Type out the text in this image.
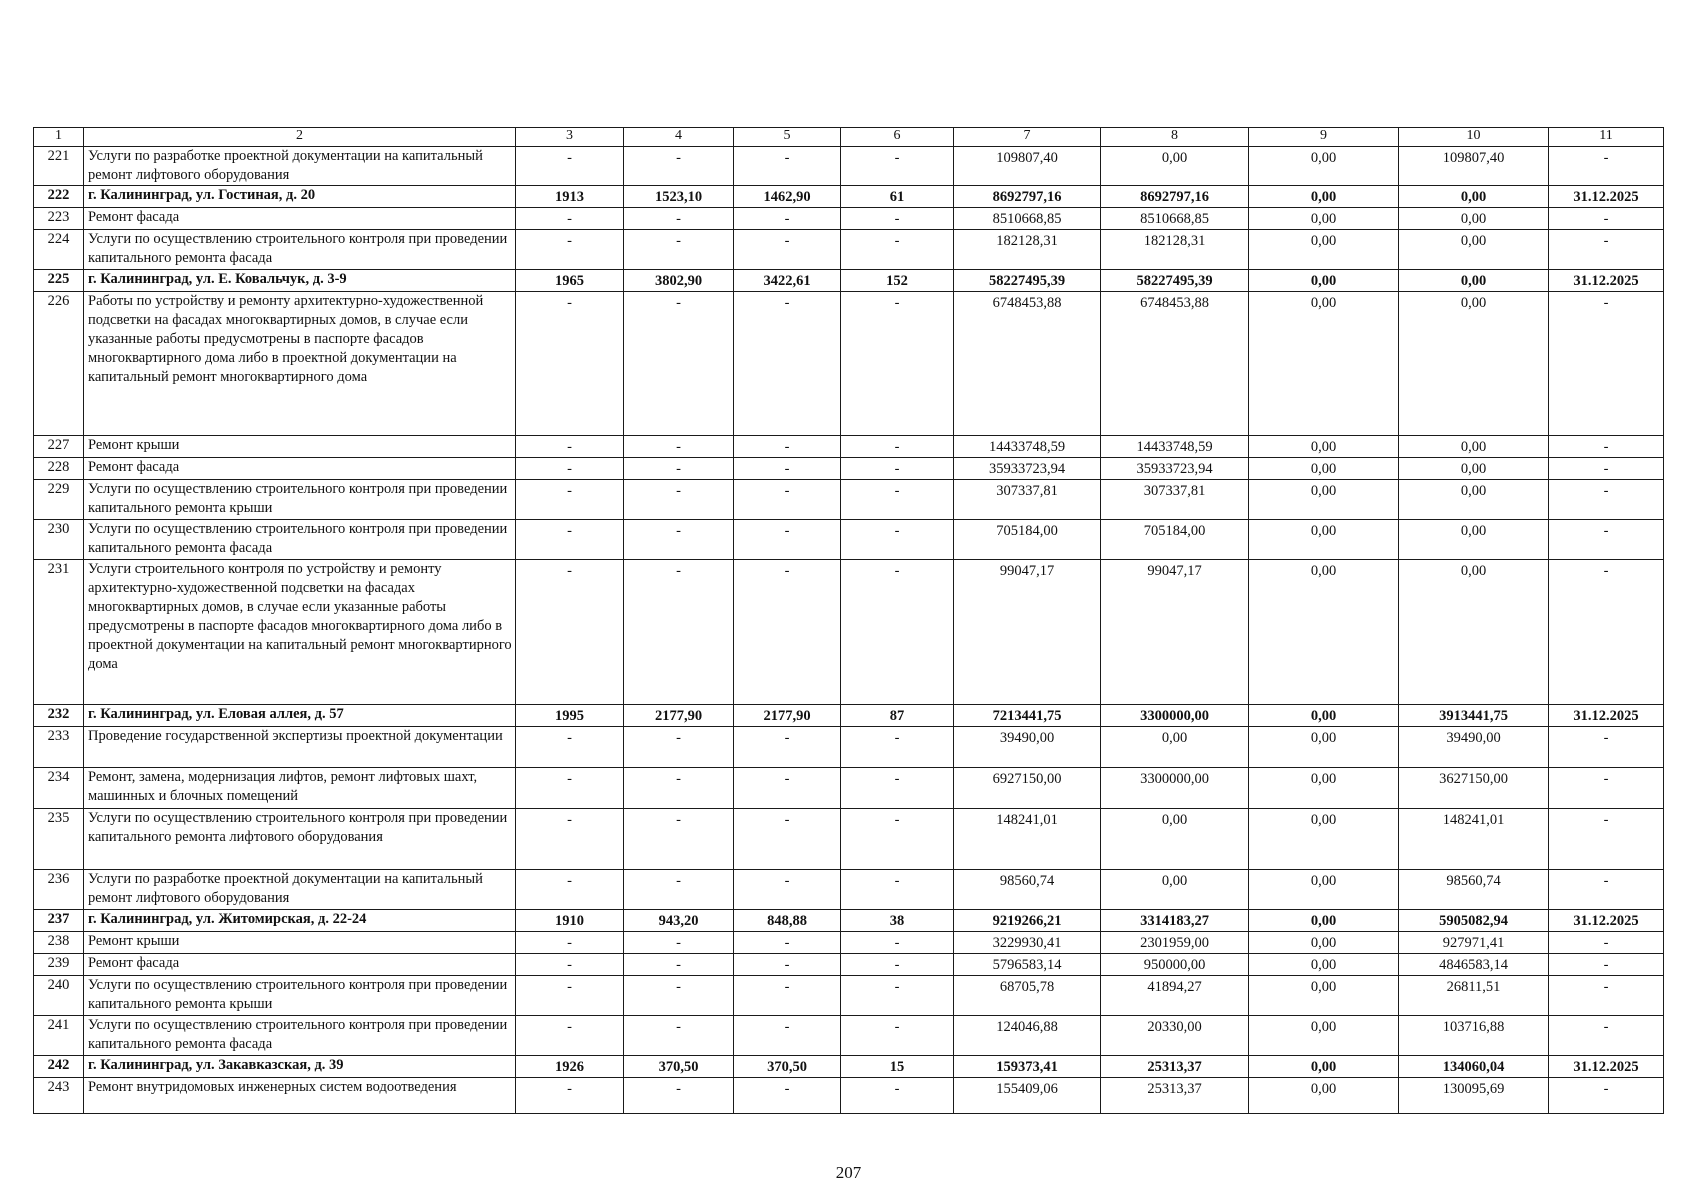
1	2	3	4	5	6	7	8	9	10	11
221	Услуги по разработке проектной документации на капитальный ремонт лифтового оборудования	-	-	-	-	109807,40	0,00	0,00	109807,40	-
222	г. Калининград, ул. Гостиная, д. 20	1913	1523,10	1462,90	61	8692797,16	8692797,16	0,00	0,00	31.12.2025
223	Ремонт фасада	-	-	-	-	8510668,85	8510668,85	0,00	0,00	-
224	Услуги по осуществлению строительного контроля при проведении капитального ремонта фасада	-	-	-	-	182128,31	182128,31	0,00	0,00	-
225	г. Калининград, ул. Е. Ковальчук, д. 3-9	1965	3802,90	3422,61	152	58227495,39	58227495,39	0,00	0,00	31.12.2025
226	Работы по устройству и ремонту архитектурно-художественной подсветки на фасадах многоквартирных домов, в случае если указанные работы предусмотрены в паспорте фасадов многоквартирного дома либо в проектной документации на капитальный ремонт многоквартирного дома	-	-	-	-	6748453,88	6748453,88	0,00	0,00	-
227	Ремонт крыши	-	-	-	-	14433748,59	14433748,59	0,00	0,00	-
228	Ремонт фасада	-	-	-	-	35933723,94	35933723,94	0,00	0,00	-
229	Услуги по осуществлению строительного контроля при проведении капитального ремонта крыши	-	-	-	-	307337,81	307337,81	0,00	0,00	-
230	Услуги по осуществлению строительного контроля при проведении капитального ремонта фасада	-	-	-	-	705184,00	705184,00	0,00	0,00	-
231	Услуги строительного контроля по устройству и ремонту архитектурно-художественной подсветки на фасадах многоквартирных домов, в случае если указанные работы предусмотрены в паспорте фасадов многоквартирного дома либо в проектной документации на капитальный ремонт многоквартирного дома	-	-	-	-	99047,17	99047,17	0,00	0,00	-
232	г. Калининград, ул. Еловая аллея, д. 57	1995	2177,90	2177,90	87	7213441,75	3300000,00	0,00	3913441,75	31.12.2025
233	Проведение государственной экспертизы проектной документации	-	-	-	-	39490,00	0,00	0,00	39490,00	-
234	Ремонт, замена, модернизация лифтов, ремонт лифтовых шахт, машинных и блочных помещений	-	-	-	-	6927150,00	3300000,00	0,00	3627150,00	-
235	Услуги по осуществлению строительного контроля при проведении капитального ремонта лифтового оборудования	-	-	-	-	148241,01	0,00	0,00	148241,01	-
236	Услуги по разработке проектной документации на капитальный ремонт лифтового оборудования	-	-	-	-	98560,74	0,00	0,00	98560,74	-
237	г. Калининград, ул. Житомирская, д. 22-24	1910	943,20	848,88	38	9219266,21	3314183,27	0,00	5905082,94	31.12.2025
238	Ремонт крыши	-	-	-	-	3229930,41	2301959,00	0,00	927971,41	-
239	Ремонт фасада	-	-	-	-	5796583,14	950000,00	0,00	4846583,14	-
240	Услуги по осуществлению строительного контроля при проведении капитального ремонта крыши	-	-	-	-	68705,78	41894,27	0,00	26811,51	-
241	Услуги по осуществлению строительного контроля при проведении капитального ремонта фасада	-	-	-	-	124046,88	20330,00	0,00	103716,88	-
242	г. Калининград, ул. Закавказская, д. 39	1926	370,50	370,50	15	159373,41	25313,37	0,00	134060,04	31.12.2025
243	Ремонт внутридомовых инженерных систем водоотведения	-	-	-	-	155409,06	25313,37	0,00	130095,69	-
207
